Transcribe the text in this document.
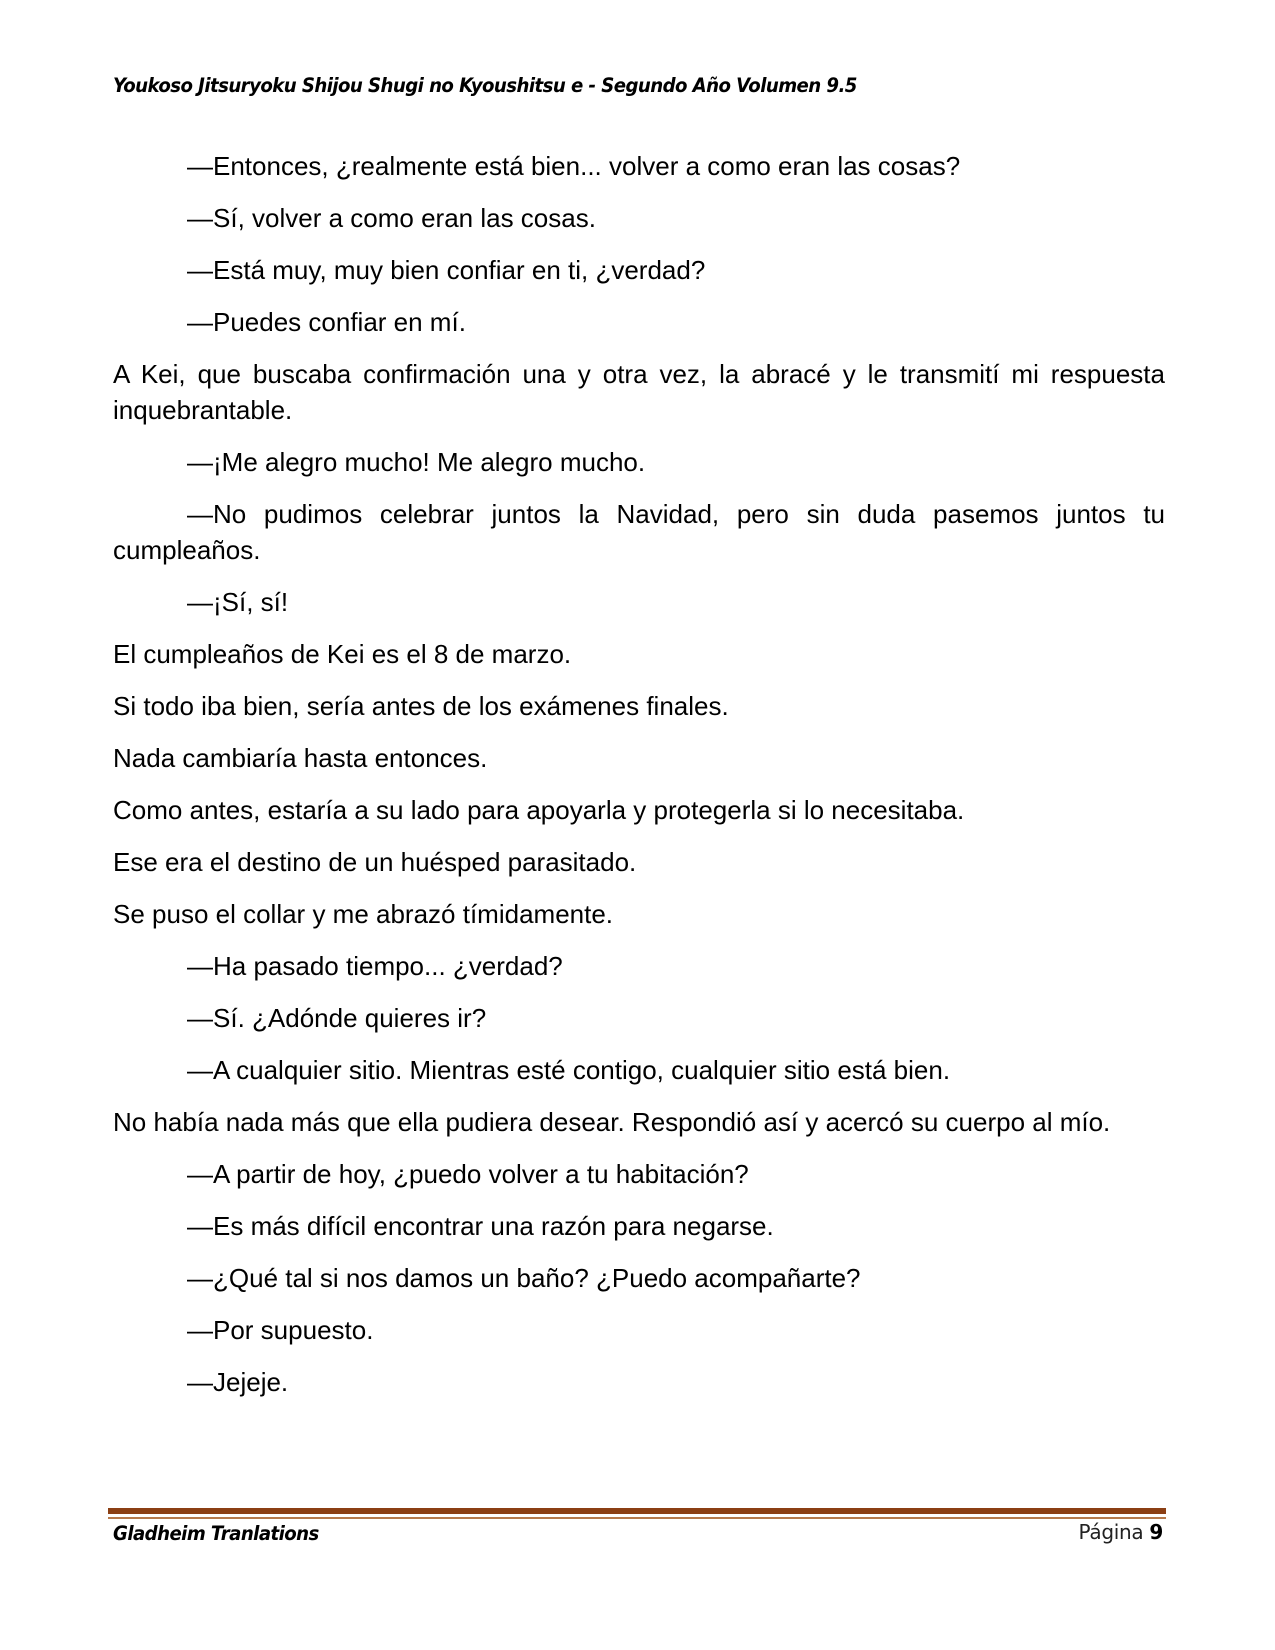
Youkoso Jitsuryoku Shijou Shugi no Kyoushitsu e - Segundo Año Volumen 9.5

—Entonces, ¿realmente está bien... volver a como eran las cosas?

—Sí, volver a como eran las cosas.

—Está muy, muy bien confiar en ti, ¿verdad?

—Puedes confiar en mí.

A Kei, que buscaba confirmación una y otra vez, la abracé y le transmití mi respuesta inquebrantable.

—¡Me alegro mucho! Me alegro mucho.

—No pudimos celebrar juntos la Navidad, pero sin duda pasemos juntos tu cumpleaños.

—¡Sí, sí!

El cumpleaños de Kei es el 8 de marzo.

Si todo iba bien, sería antes de los exámenes finales.

Nada cambiaría hasta entonces.

Como antes, estaría a su lado para apoyarla y protegerla si lo necesitaba.

Ese era el destino de un huésped parasitado.

Se puso el collar y me abrazó tímidamente.

—Ha pasado tiempo... ¿verdad?

—Sí. ¿Adónde quieres ir?

—A cualquier sitio. Mientras esté contigo, cualquier sitio está bien.

No había nada más que ella pudiera desear. Respondió así y acercó su cuerpo al mío.

—A partir de hoy, ¿puedo volver a tu habitación?

—Es más difícil encontrar una razón para negarse.

—¿Qué tal si nos damos un baño? ¿Puedo acompañarte?

—Por supuesto.

—Jejeje.

Gladheim Tranlations	Página 9
